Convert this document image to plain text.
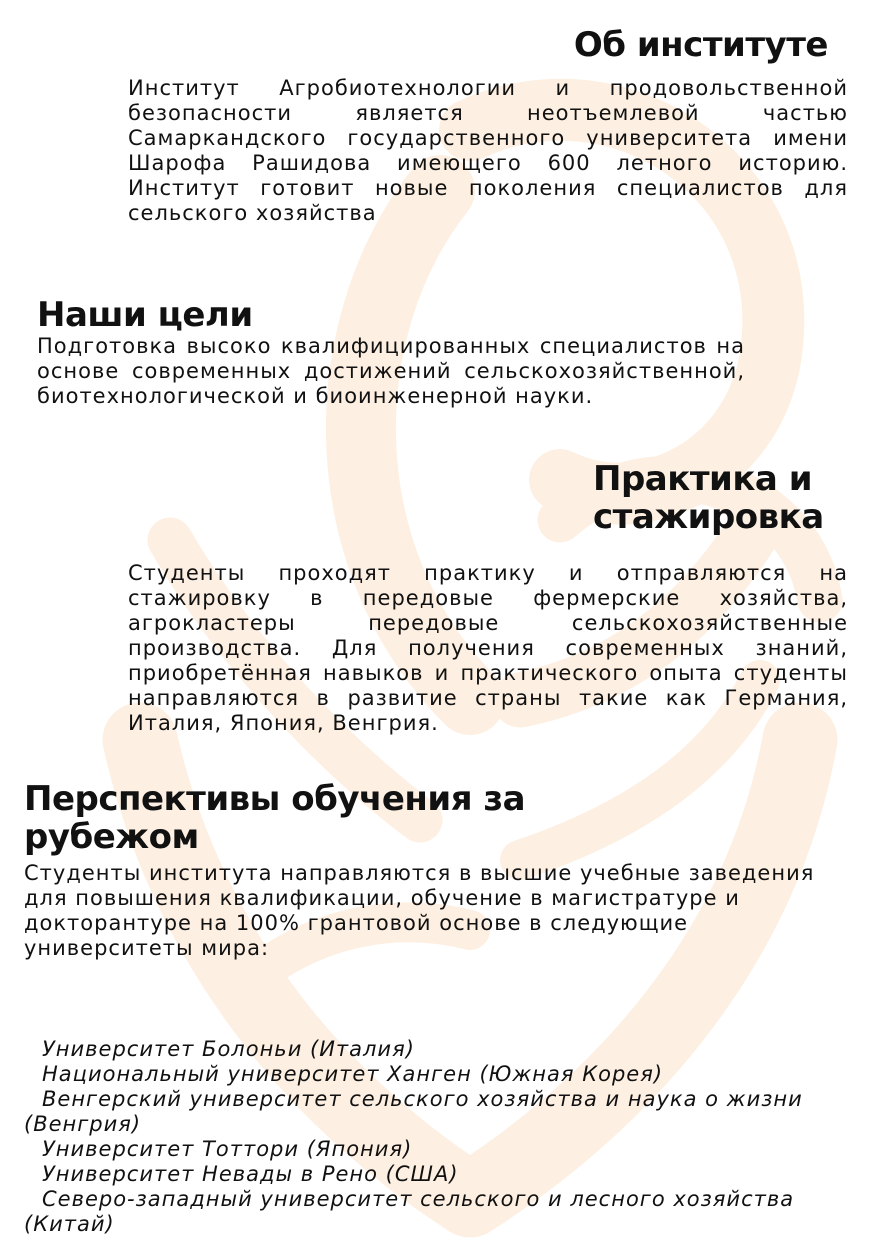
Об институте

Институт Агробиотехнологии и продовольственной безопасности является неотъемлевой частью Самаркандского государственного университета имени Шарофа Рашидова имеющего 600 летного историю. Институт готовит новые поколения специалистов для сельского хозяйства

Наши цели

Подготовка высоко квалифицированных специалистов на основе современных достижений сельскохозяйственной, биотехнологической и биоинженерной науки.

Практика и стажировка

Студенты проходят практику и отправляются на стажировку в передовые фермерские хозяйства, агрокластеры передовые сельскохозяйственные производства. Для получения современных знаний, приобретённая навыков и практического опыта студенты направляются в развитие страны такие как Германия, Италия, Япония, Венгрия.

Перспективы обучения за рубежом

Студенты института направляются в высшие учебные заведения для повышения квалификации, обучение в магистратуре и докторантуре на 100% грантовой основе в следующие университеты мира:

Университет Болоньи (Италия)
Национальный университет Ханген (Южная Корея)
Венгерский университет сельского хозяйства и наука о жизни (Венгрия)
Университет Тоттори (Япония)
Университет Невады в Рено (США)
Северо-западный университет сельского и лесного хозяйства (Китай)
